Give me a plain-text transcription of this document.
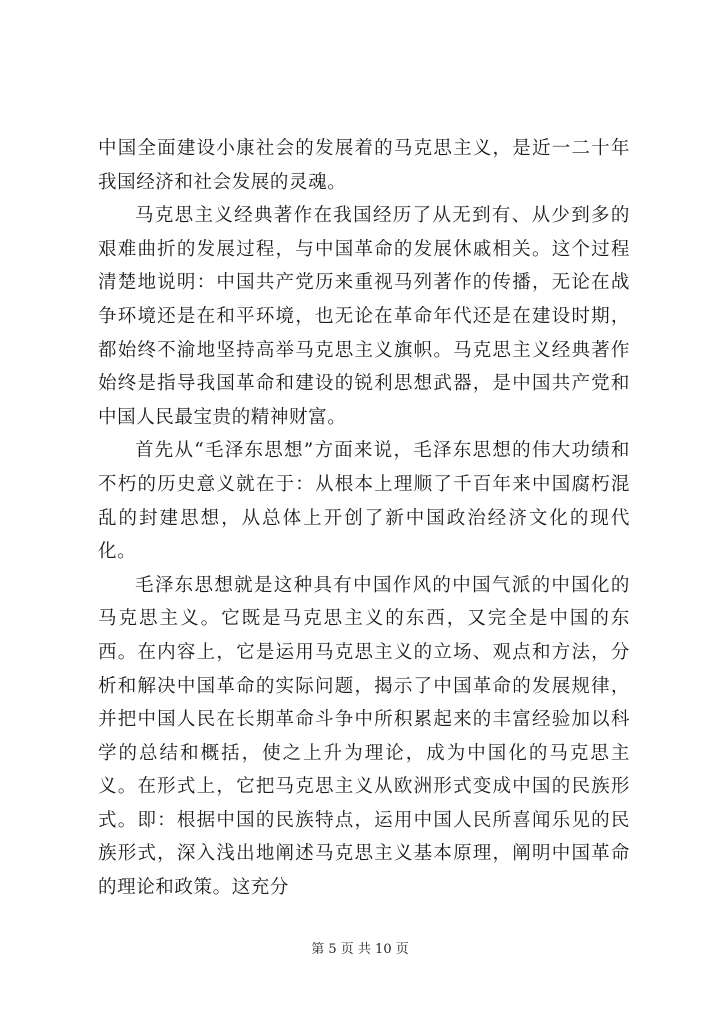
中国全面建设小康社会的发展着的马克思主义，是近一二十年我国经济和社会发展的灵魂。

马克思主义经典著作在我国经历了从无到有、从少到多的艰难曲折的发展过程，与中国革命的发展休戚相关。这个过程清楚地说明：中国共产党历来重视马列著作的传播，无论在战争环境还是在和平环境，也无论在革命年代还是在建设时期，都始终不渝地坚持高举马克思主义旗帜。马克思主义经典著作始终是指导我国革命和建设的锐利思想武器，是中国共产党和中国人民最宝贵的精神财富。

首先从“毛泽东思想”方面来说，毛泽东思想的伟大功绩和不朽的历史意义就在于：从根本上理顺了千百年来中国腐朽混乱的封建思想，从总体上开创了新中国政治经济文化的现代化。

毛泽东思想就是这种具有中国作风的中国气派的中国化的马克思主义。它既是马克思主义的东西，又完全是中国的东西。在内容上，它是运用马克思主义的立场、观点和方法，分析和解决中国革命的实际问题，揭示了中国革命的发展规律，并把中国人民在长期革命斗争中所积累起来的丰富经验加以科学的总结和概括，使之上升为理论，成为中国化的马克思主义。在形式上，它把马克思主义从欧洲形式变成中国的民族形式。即：根据中国的民族特点，运用中国人民所喜闻乐见的民族形式，深入浅出地阐述马克思主义基本原理，阐明中国革命的理论和政策。这充分

第 5 页 共 10 页
